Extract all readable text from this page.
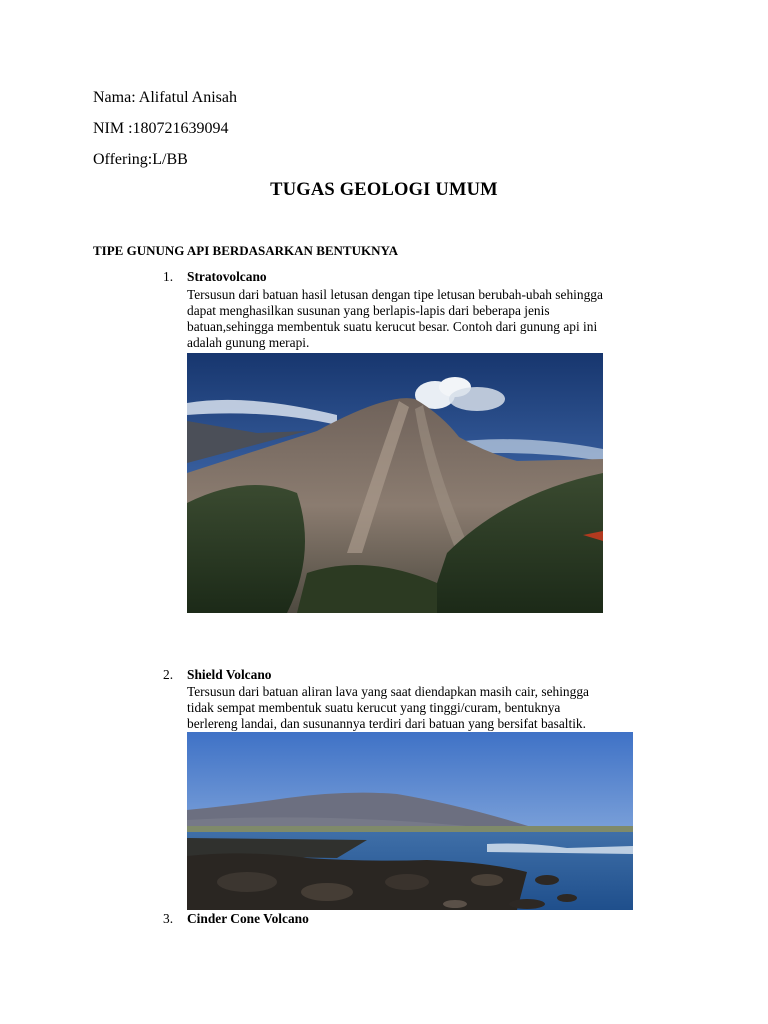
Nama: Alifatul Anisah
NIM :180721639094
Offering:L/BB
TUGAS GEOLOGI UMUM
TIPE GUNUNG API BERDASARKAN BENTUKNYA
1. Stratovolcano
Tersusun dari batuan hasil letusan dengan tipe letusan berubah-ubah sehingga
dapat menghasilkan susunan yang berlapis-lapis dari beberapa jenis
batuan,sehingga membentuk suatu kerucut besar. Contoh dari gunung api ini
adalah gunung merapi.
2. Shield Volcano
Tersusun dari batuan aliran lava yang saat diendapkan masih cair, sehingga
tidak sempat membentuk suatu kerucut yang tinggi/curam, bentuknya
berlereng landai, dan susunannya terdiri dari batuan yang bersifat basaltik.
3. Cinder Cone Volcano
